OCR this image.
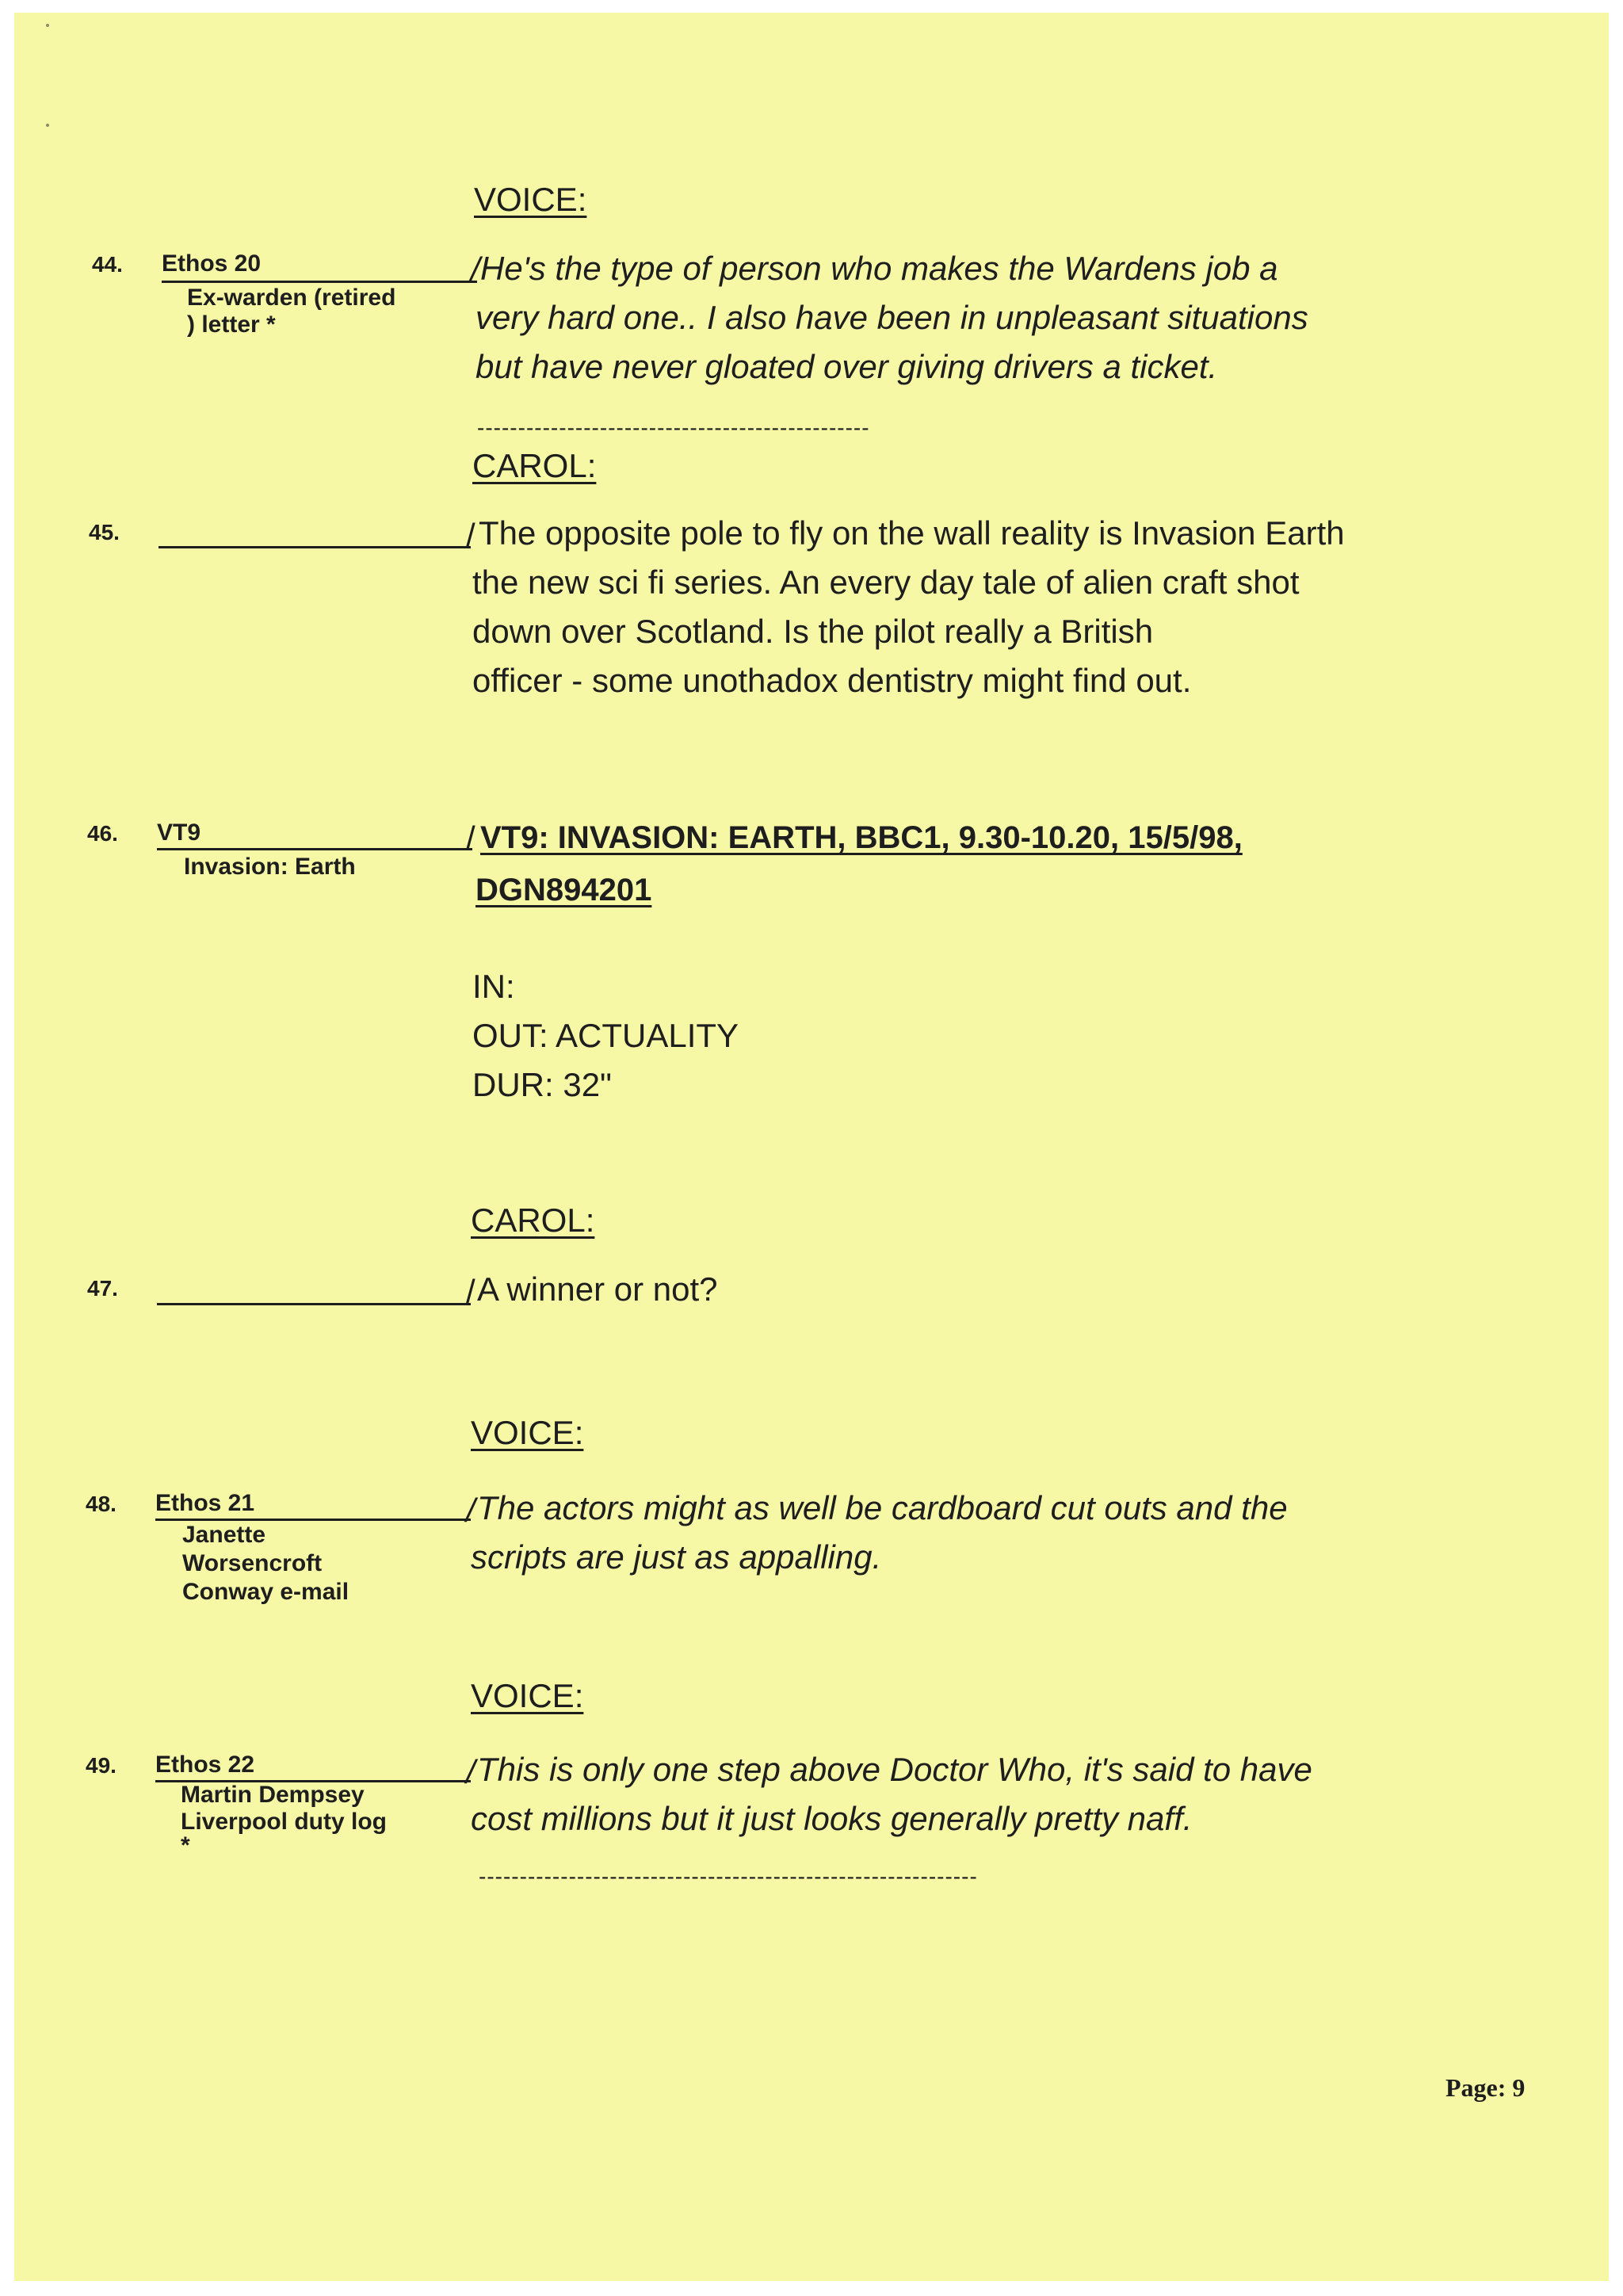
VOICE:
44. Ethos 20
Ex-warden (retired
) letter *
/ He's the type of person who makes the Wardens job a
very hard one.. I also have been in unpleasant situations
but have never gloated over giving drivers a ticket.
------------------------------------------------
CAROL:
45.	/ The opposite pole to fly on the wall reality is Invasion Earth
the new sci fi series. An every day tale of alien craft shot
down over Scotland. Is the pilot really a British
officer - some unothadox dentistry might find out.
46. VT9
Invasion: Earth
/ VT9: INVASION: EARTH, BBC1, 9.30-10.20, 15/5/98,
DGN894201
IN:
OUT: ACTUALITY
DUR: 32"
CAROL:
47.	/ A winner or not?
VOICE:
48. Ethos 21
Janette
Worsencroft
Conway e-mail
/ The actors might as well be cardboard cut outs and the
scripts are just as appalling.
VOICE:
49. Ethos 22
Martin Dempsey
Liverpool duty log
*
/ This is only one step above Doctor Who, it's said to have
cost millions but it just looks generally pretty naff.
-------------------------------------------------------------
Page: 9
